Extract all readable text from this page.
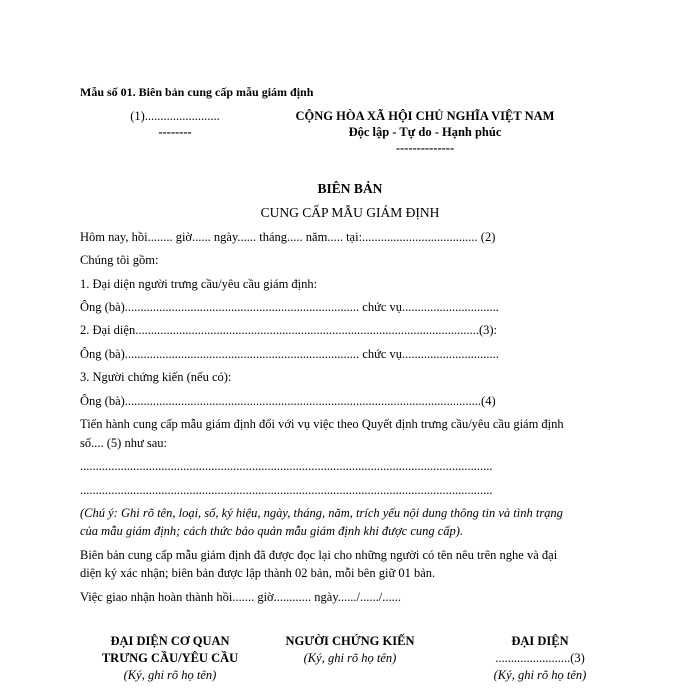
Mẫu số 01. Biên bản cung cấp mẫu giám định
(1)........................
--------
CỘNG HÒA XÃ HỘI CHỦ NGHĨA VIỆT NAM
Độc lập - Tự do - Hạnh phúc
--------------
BIÊN BẢN
CUNG CẤP MẪU GIÁM ĐỊNH
Hôm nay, hồi........ giờ...... ngày...... tháng..... năm..... tại:..................................... (2)
Chúng tôi gồm:
1. Đại diện người trưng cầu/yêu cầu giám định:
Ông (bà)........................................................................... chức vụ...............................
2. Đại diện..............................................................................................................(3):
Ông (bà)........................................................................... chức vụ...............................
3. Người chứng kiến (nếu có):
Ông (bà)..................................................................................................................(4)
Tiến hành cung cấp mẫu giám định đối với vụ việc theo Quyết định trưng cầu/yêu cầu giám định
số.... (5) như sau:
....................................................................................................................................
....................................................................................................................................
(Chú ý: Ghi rõ tên, loại, số, ký hiệu, ngày, tháng, năm, trích yếu nội dung thông tin và tình trạng
của mẫu giám định; cách thức bảo quản mẫu giám định khi được cung cấp).
Biên bản cung cấp mẫu giám định đã được đọc lại cho những người có tên nêu trên nghe và đại
diện ký xác nhận; biên bản được lập thành 02 bản, mỗi bên giữ 01 bản.
Việc giao nhận hoàn thành hồi....... giờ............ ngày....../....../......
ĐẠI DIỆN CƠ QUAN
TRƯNG CẦU/YÊU CẦU
(Ký, ghi rõ họ tên)
NGƯỜI CHỨNG KIẾN
(Ký, ghi rõ họ tên)
ĐẠI DIỆN
........................(3)
(Ký, ghi rõ họ tên)
